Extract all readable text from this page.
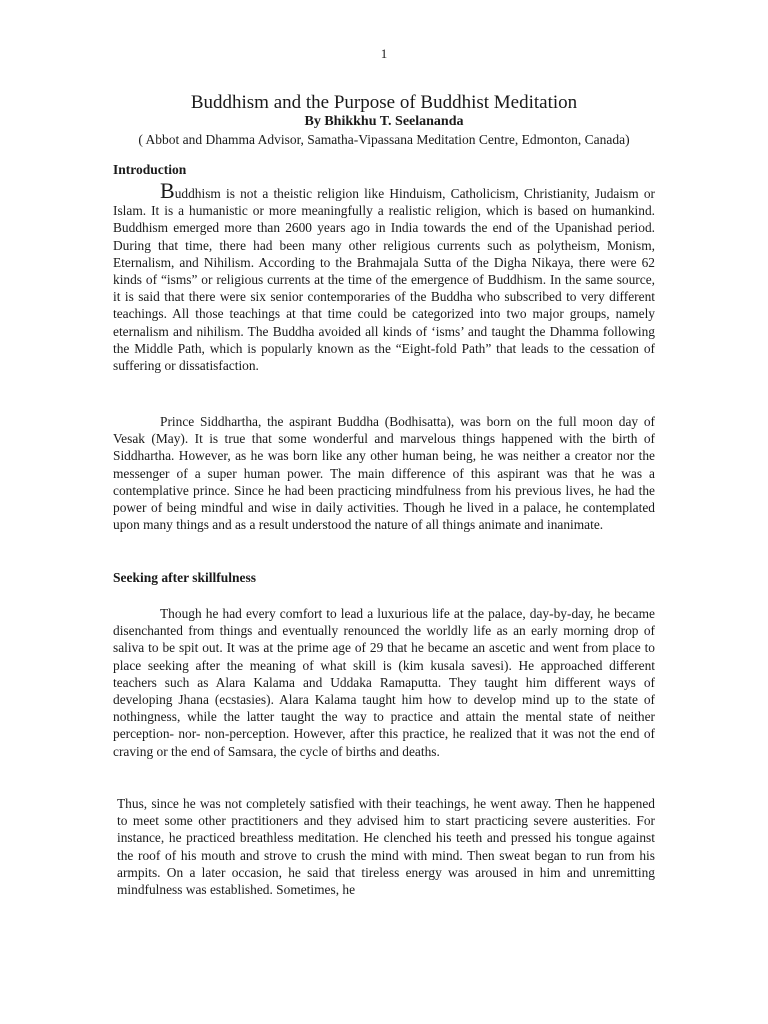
1
Buddhism and the Purpose of Buddhist Meditation
By Bhikkhu T. Seelananda
( Abbot and Dhamma Advisor, Samatha-Vipassana Meditation Centre, Edmonton, Canada)
Introduction

Buddhism is not a theistic religion like Hinduism, Catholicism, Christianity, Judaism or Islam. It is a humanistic or more meaningfully a realistic religion, which is based on humankind. Buddhism emerged more than 2600 years ago in India towards the end of the Upanishad period. During that time, there had been many other religious currents such as polytheism, Monism, Eternalism, and Nihilism. According to the Brahmajala Sutta of the Digha Nikaya, there were 62 kinds of “isms” or religious currents at the time of the emergence of Buddhism. In the same source, it is said that there were six senior contemporaries of the Buddha who subscribed to very different teachings. All those teachings at that time could be categorized into two major groups, namely eternalism and nihilism. The Buddha avoided all kinds of ‘isms’ and taught the Dhamma following the Middle Path, which is popularly known as the “Eight-fold Path” that leads to the cessation of suffering or dissatisfaction.

Prince Siddhartha, the aspirant Buddha (Bodhisatta), was born on the full moon day of Vesak (May). It is true that some wonderful and marvelous things happened with the birth of Siddhartha. However, as he was born like any other human being, he was neither a creator nor the messenger of a super human power. The main difference of this aspirant was that he was a contemplative prince. Since he had been practicing mindfulness from his previous lives, he had the power of being mindful and wise in daily activities. Though he lived in a palace, he contemplated upon many things and as a result understood the nature of all things animate and inanimate.

Seeking after skillfulness

Though he had every comfort to lead a luxurious life at the palace, day-by-day, he became disenchanted from things and eventually renounced the worldly life as an early morning drop of saliva to be spit out. It was at the prime age of 29 that he became an ascetic and went from place to place seeking after the meaning of what skill is (kim kusala savesi). He approached different teachers such as Alara Kalama and Uddaka Ramaputta. They taught him different ways of developing Jhana (ecstasies). Alara Kalama taught him how to develop mind up to the state of nothingness, while the latter taught the way to practice and attain the mental state of neither perception- nor- non-perception. However, after this practice, he realized that it was not the end of craving or the end of Samsara, the cycle of births and deaths.

Thus, since he was not completely satisfied with their teachings, he went away. Then he happened to meet some other practitioners and they advised him to start practicing severe austerities. For instance, he practiced breathless meditation. He clenched his teeth and pressed his tongue against the roof of his mouth and strove to crush the mind with mind. Then sweat began to run from his armpits. On a later occasion, he said that tireless energy was aroused in him and unremitting mindfulness was established. Sometimes, he
